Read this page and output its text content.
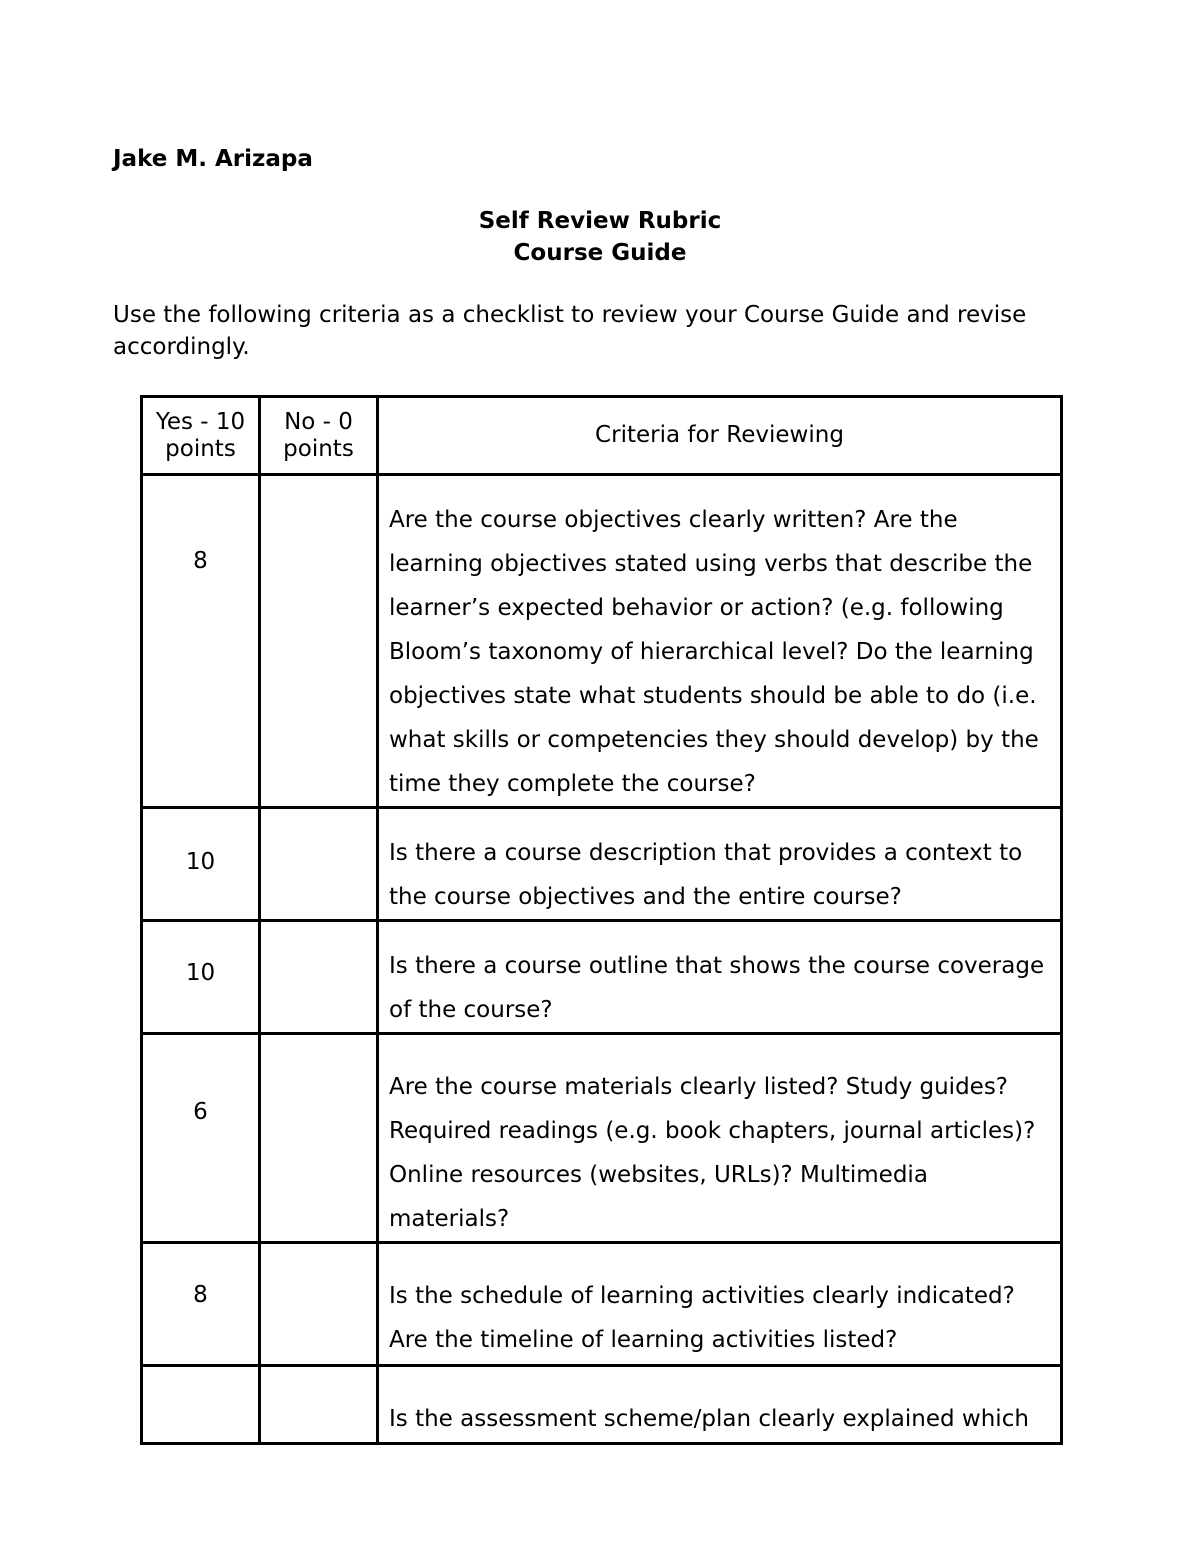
Jake M. Arizapa
Self Review Rubric
Course Guide
Use the following criteria as a checklist to review your Course Guide and revise accordingly.
Yes - 10 points	No - 0 points	Criteria for Reviewing

8		Are the course objectives clearly written? Are the learning objectives stated using verbs that describe the learner’s expected behavior or action? (e.g. following Bloom’s taxonomy of hierarchical level? Do the learning objectives state what students should be able to do (i.e. what skills or competencies they should develop) by the time they complete the course?
10		Is there a course description that provides a context to the course objectives and the entire course?
10		Is there a course outline that shows the course coverage of the course?
6		Are the course materials clearly listed? Study guides? Required readings (e.g. book chapters, journal articles)? Online resources (websites, URLs)? Multimedia materials?
8		Is the schedule of learning activities clearly indicated? Are the timeline of learning activities listed?
		Is the assessment scheme/plan clearly explained which
